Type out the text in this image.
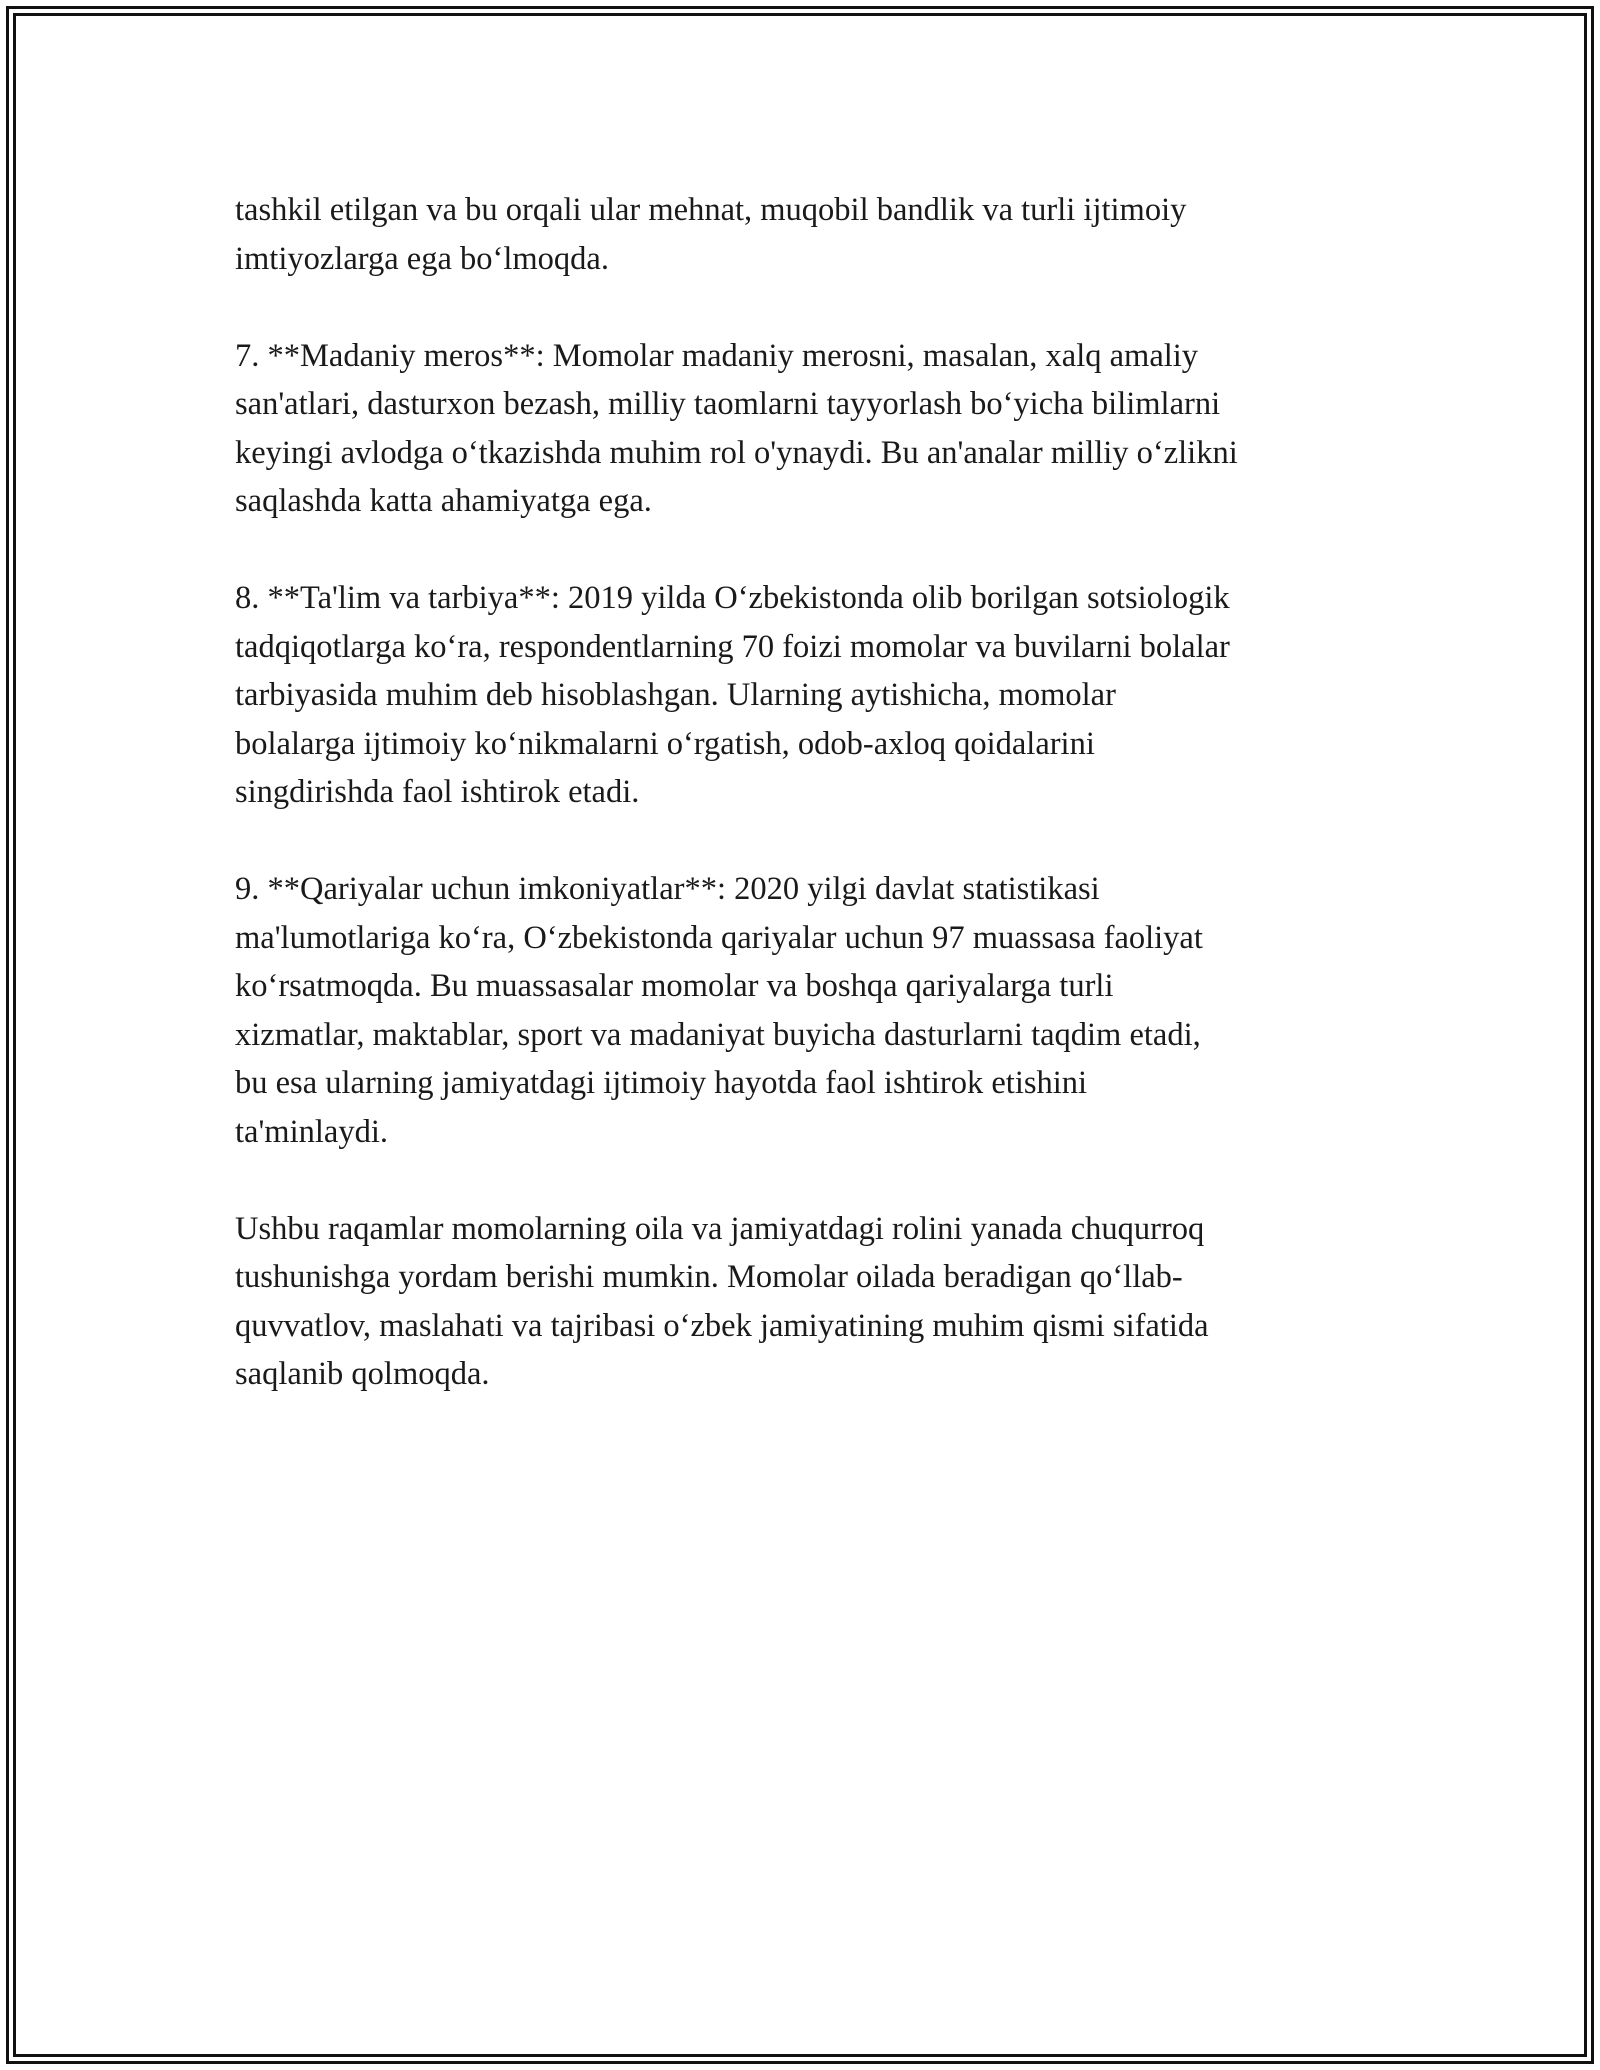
tashkil etilgan va bu orqali ular mehnat, muqobil bandlik va turli ijtimoiy
imtiyozlarga ega bo‘lmoqda.

7. **Madaniy meros**: Momolar madaniy merosni, masalan, xalq amaliy
san'atlari, dasturxon bezash, milliy taomlarni tayyorlash bo‘yicha bilimlarni
keyingi avlodga o‘tkazishda muhim rol o'ynaydi. Bu an'analar milliy o‘zlikni
saqlashda katta ahamiyatga ega.

8. **Ta'lim va tarbiya**: 2019 yilda O‘zbekistonda olib borilgan sotsiologik
tadqiqotlarga ko‘ra, respondentlarning 70 foizi momolar va buvilarni bolalar
tarbiyasida muhim deb hisoblashgan. Ularning aytishicha, momolar
bolalarga ijtimoiy ko‘nikmalarni o‘rgatish, odob-axloq qoidalarini
singdirishda faol ishtirok etadi.

9. **Qariyalar uchun imkoniyatlar**: 2020 yilgi davlat statistikasi
ma'lumotlariga ko‘ra, O‘zbekistonda qariyalar uchun 97 muassasa faoliyat
ko‘rsatmoqda. Bu muassasalar momolar va boshqa qariyalarga turli
xizmatlar, maktablar, sport va madaniyat buyicha dasturlarni taqdim etadi,
bu esa ularning jamiyatdagi ijtimoiy hayotda faol ishtirok etishini
ta'minlaydi.

Ushbu raqamlar momolarning oila va jamiyatdagi rolini yanada chuqurroq
tushunishga yordam berishi mumkin. Momolar oilada beradigan qo‘llab-
quvvatlov, maslahati va tajribasi o‘zbek jamiyatining muhim qismi sifatida
saqlanib qolmoqda.
